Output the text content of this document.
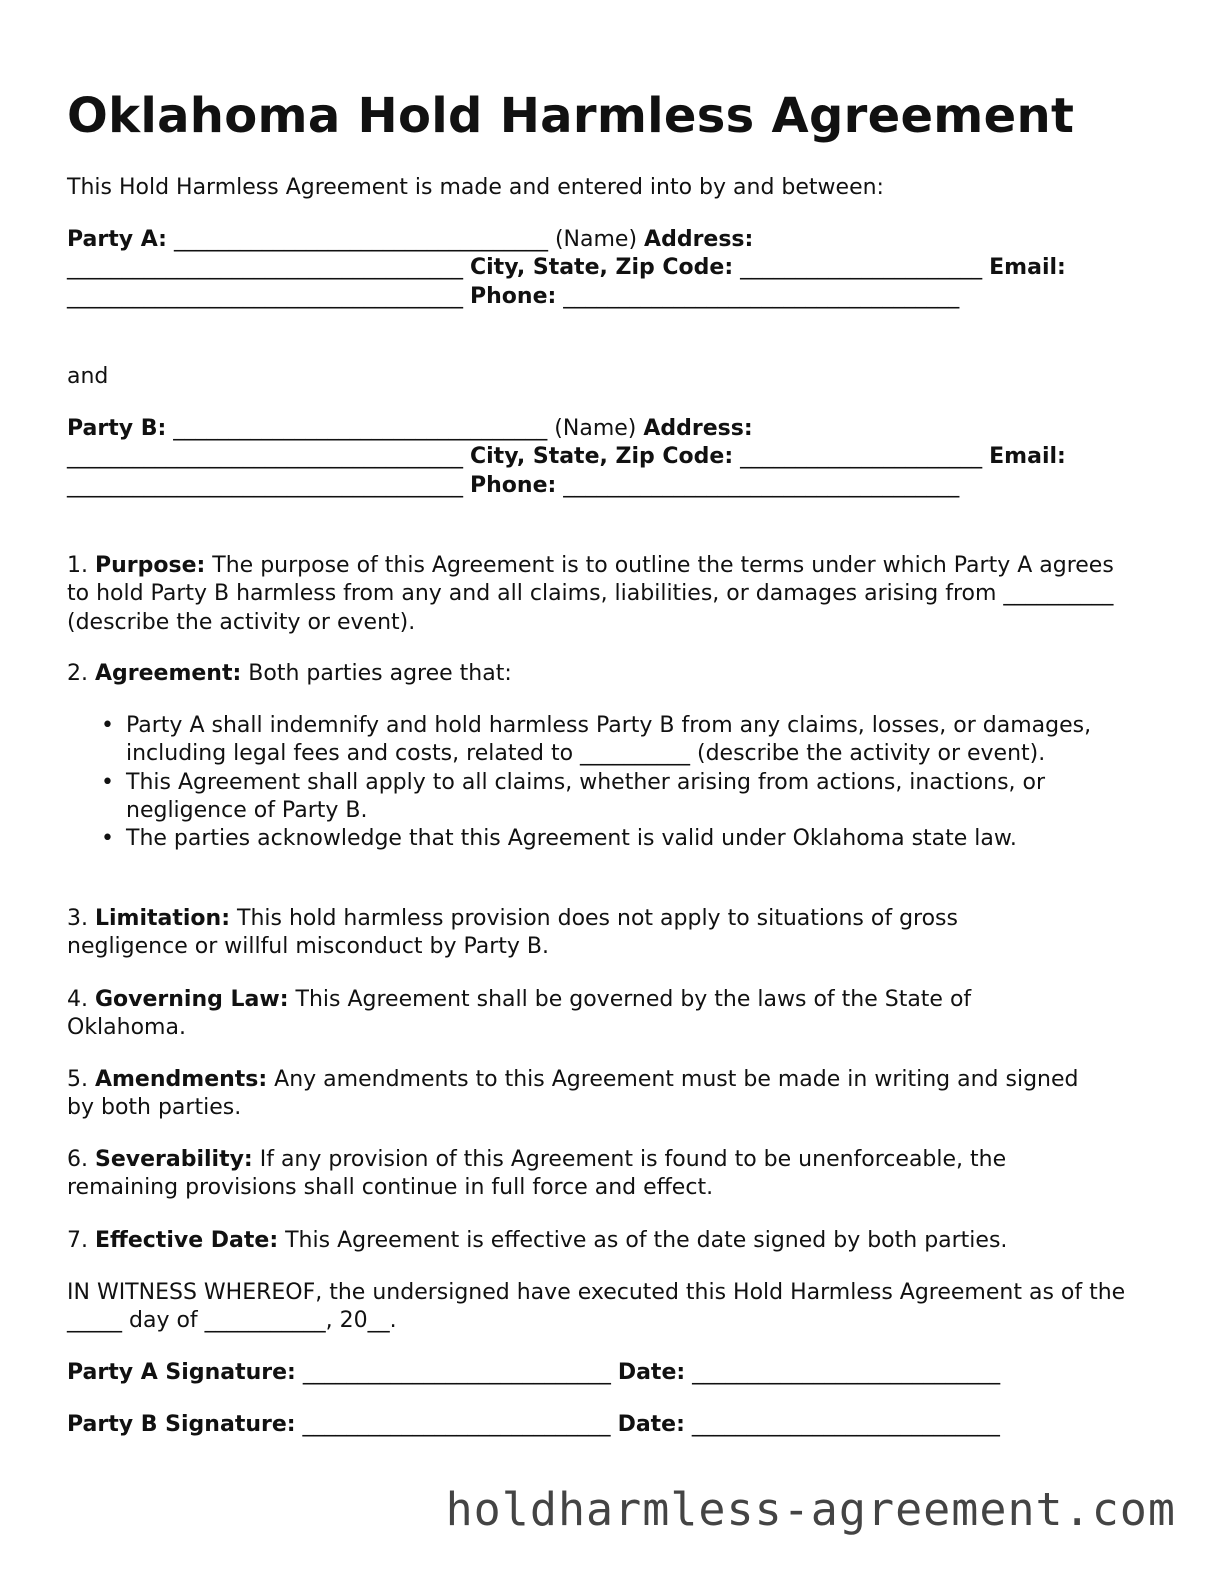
Oklahoma Hold Harmless Agreement

This Hold Harmless Agreement is made and entered into by and between:

Party A: __________________________________ (Name) Address: ____________________________________ City, State, Zip Code: ______________________ Email: ____________________________________ Phone: ____________________________________

and

Party B: __________________________________ (Name) Address: ____________________________________ City, State, Zip Code: ______________________ Email: ____________________________________ Phone: ____________________________________

1. Purpose: The purpose of this Agreement is to outline the terms under which Party A agrees to hold Party B harmless from any and all claims, liabilities, or damages arising from __________ (describe the activity or event).

2. Agreement: Both parties agree that:

• Party A shall indemnify and hold harmless Party B from any claims, losses, or damages, including legal fees and costs, related to __________ (describe the activity or event).
• This Agreement shall apply to all claims, whether arising from actions, inactions, or negligence of Party B.
• The parties acknowledge that this Agreement is valid under Oklahoma state law.

3. Limitation: This hold harmless provision does not apply to situations of gross negligence or willful misconduct by Party B.

4. Governing Law: This Agreement shall be governed by the laws of the State of Oklahoma.

5. Amendments: Any amendments to this Agreement must be made in writing and signed by both parties.

6. Severability: If any provision of this Agreement is found to be unenforceable, the remaining provisions shall continue in full force and effect.

7. Effective Date: This Agreement is effective as of the date signed by both parties.

IN WITNESS WHEREOF, the undersigned have executed this Hold Harmless Agreement as of the _____ day of ___________, 20__.

Party A Signature: ____________________________ Date: ____________________________

Party B Signature: ____________________________ Date: ____________________________

holdharmless-agreement.com
